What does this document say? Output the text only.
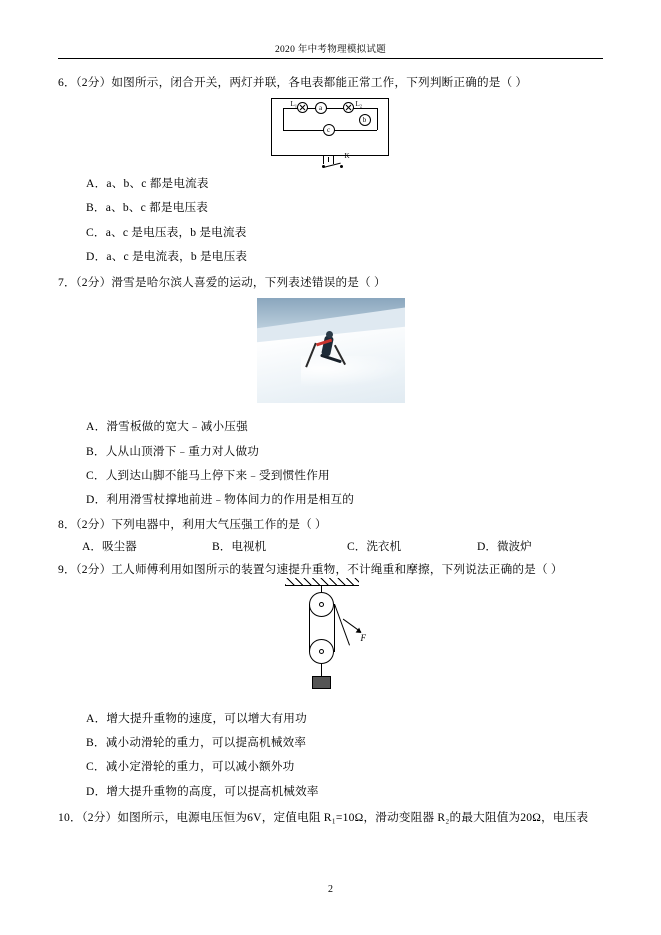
2020 年中考物理模拟试题
6．（2分）如图所示，闭合开关，两灯并联，各电表都能正常工作，下列判断正确的是（ ）
L₁	L₂
a
b
c
K
A．a、b、c 都是电流表
B．a、b、c 都是电压表
C．a、c 是电压表，b 是电流表
D．a、c 是电流表，b 是电压表
7．（2分）滑雪是哈尔滨人喜爱的运动，下列表述错误的是（ ）
A．滑雪板做的宽大﹣减小压强
B．人从山顶滑下﹣重力对人做功
C．人到达山脚不能马上停下来﹣受到惯性作用
D．利用滑雪杖撑地前进﹣物体间力的作用是相互的
8．（2分）下列电器中，利用大气压强工作的是（ ）
A．吸尘器	B．电视机	C．洗衣机	D．微波炉
9．（2分）工人师傅利用如图所示的装置匀速提升重物，不计绳重和摩擦，下列说法正确的是（ ）
F
A．增大提升重物的速度，可以增大有用功
B．减小动滑轮的重力，可以提高机械效率
C．减小定滑轮的重力，可以减小额外功
D．增大提升重物的高度，可以提高机械效率
10．（2分）如图所示，电源电压恒为6V，定值电阻 R₁=10Ω，滑动变阻器 R₂的最大阻值为20Ω，电压表
2
